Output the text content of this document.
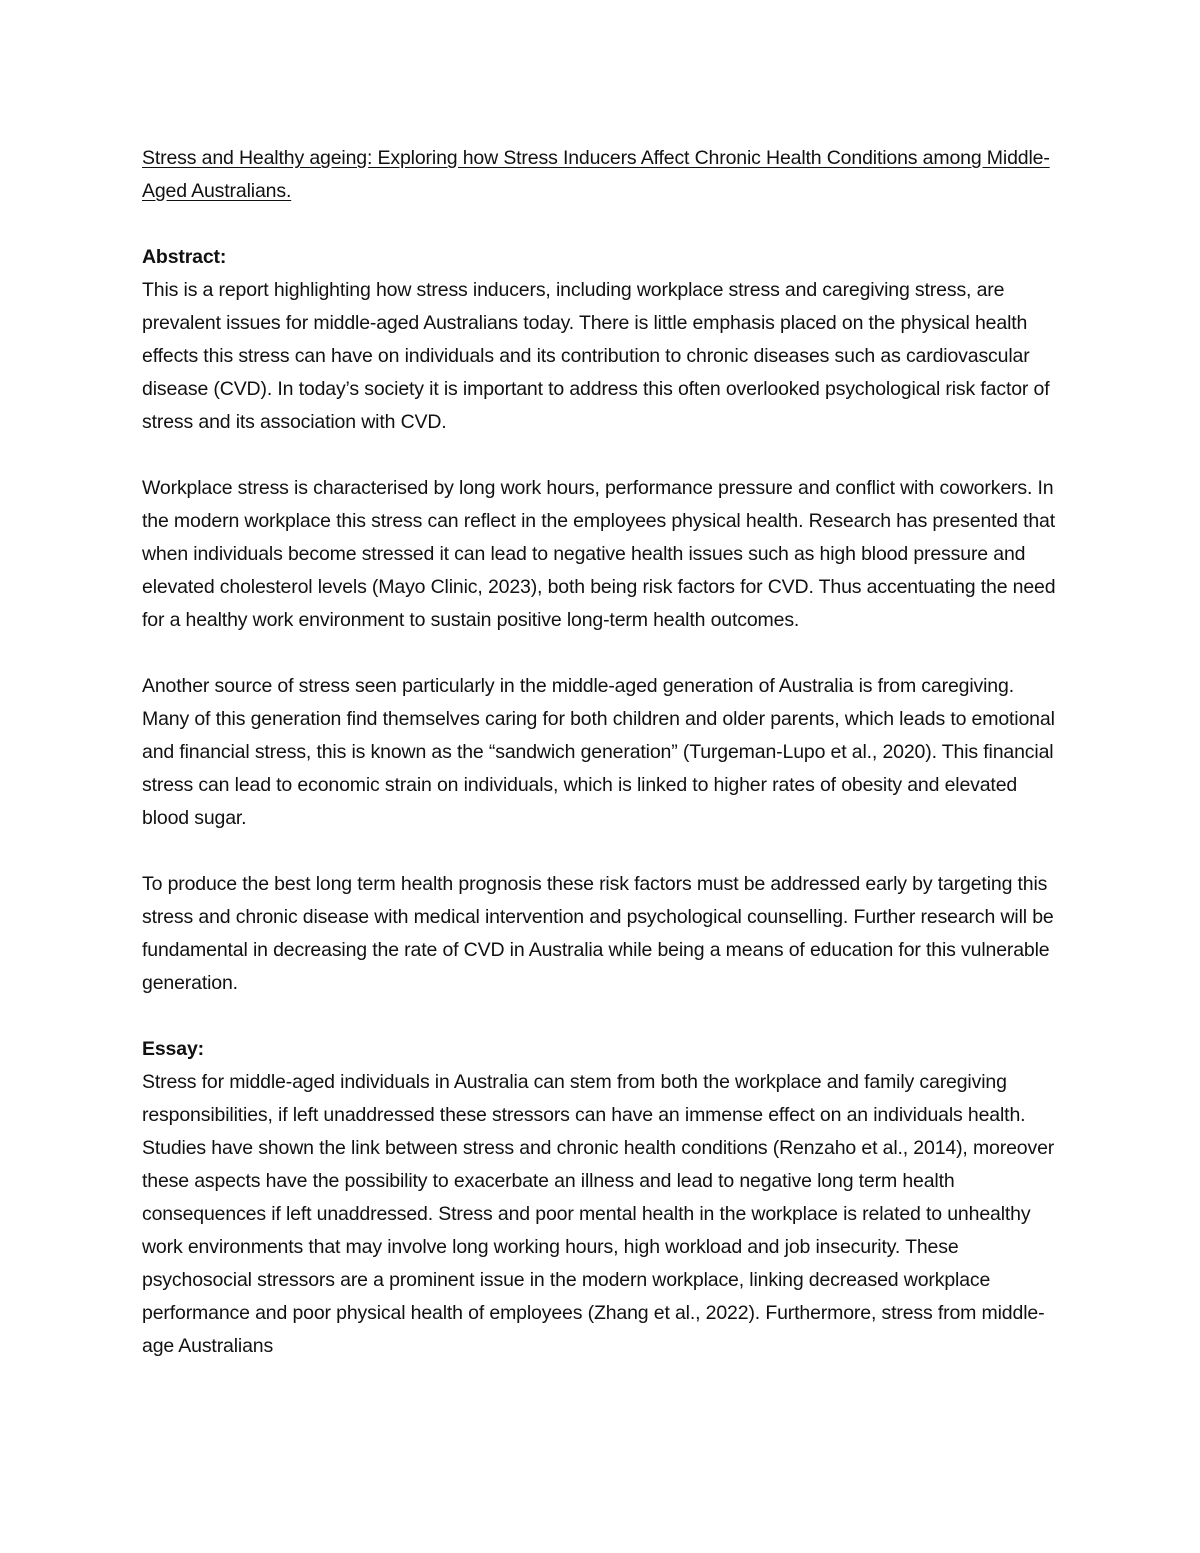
Stress and Healthy ageing: Exploring how Stress Inducers Affect Chronic Health Conditions among Middle-Aged Australians.

Abstract:

This is a report highlighting how stress inducers, including workplace stress and caregiving stress, are prevalent issues for middle-aged Australians today. There is little emphasis placed on the physical health effects this stress can have on individuals and its contribution to chronic diseases such as cardiovascular disease (CVD). In today’s society it is important to address this often overlooked psychological risk factor of stress and its association with CVD.

Workplace stress is characterised by long work hours, performance pressure and conflict with coworkers. In the modern workplace this stress can reflect in the employees physical health. Research has presented that when individuals become stressed it can lead to negative health issues such as high blood pressure and elevated cholesterol levels (Mayo Clinic, 2023), both being risk factors for CVD. Thus accentuating the need for a healthy work environment to sustain positive long-term health outcomes.

Another source of stress seen particularly in the middle-aged generation of Australia is from caregiving. Many of this generation find themselves caring for both children and older parents, which leads to emotional and financial stress, this is known as the “sandwich generation” (Turgeman-Lupo et al., 2020). This financial stress can lead to economic strain on individuals, which is linked to higher rates of obesity and elevated blood sugar.

To produce the best long term health prognosis these risk factors must be addressed early by targeting this stress and chronic disease with medical intervention and psychological counselling. Further research will be fundamental in decreasing the rate of CVD in Australia while being a means of education for this vulnerable generation.

Essay:

Stress for middle-aged individuals in Australia can stem from both the workplace and family caregiving responsibilities, if left unaddressed these stressors can have an immense effect on an individuals health. Studies have shown the link between stress and chronic health conditions (Renzaho et al., 2014), moreover these aspects have the possibility to exacerbate an illness and lead to negative long term health consequences if left unaddressed. Stress and poor mental health in the workplace is related to unhealthy work environments that may involve long working hours, high workload and job insecurity. These psychosocial stressors are a prominent issue in the modern workplace, linking decreased workplace performance and poor physical health of employees (Zhang et al., 2022). Furthermore, stress from middle-age Australians
